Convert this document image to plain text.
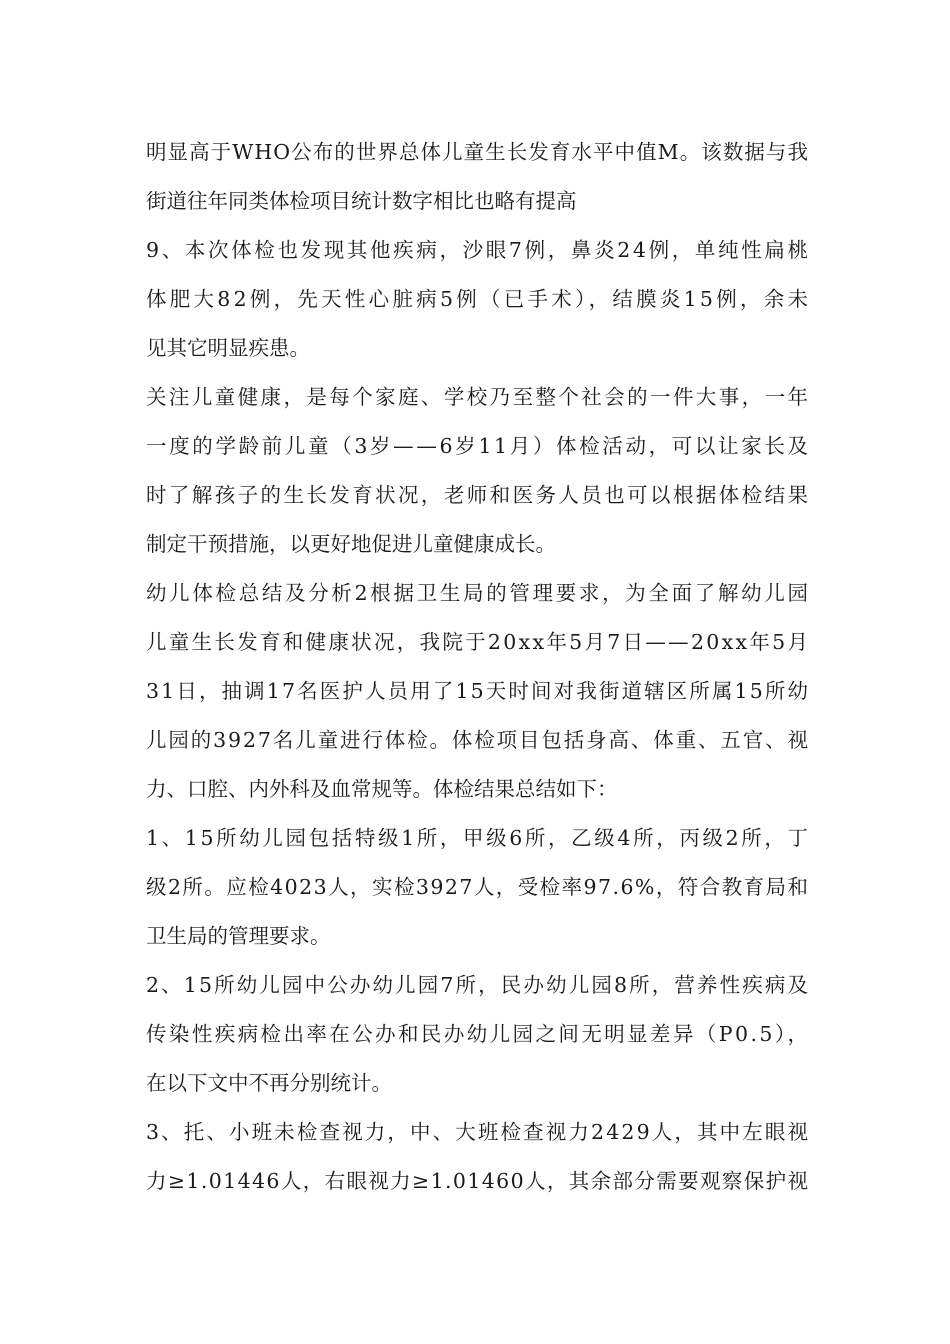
明显高于WHO公布的世界总体儿童生长发育水平中值M。该数据与我
街道往年同类体检项目统计数字相比也略有提高
9、本次体检也发现其他疾病，沙眼7例，鼻炎24例，单纯性扁桃
体肥大82例，先天性心脏病5例（已手术），结膜炎15例，余未
见其它明显疾患。
关注儿童健康，是每个家庭、学校乃至整个社会的一件大事，一年
一度的学龄前儿童（3岁——6岁11月）体检活动，可以让家长及
时了解孩子的生长发育状况，老师和医务人员也可以根据体检结果
制定干预措施，以更好地促进儿童健康成长。
幼儿体检总结及分析2根据卫生局的管理要求，为全面了解幼儿园
儿童生长发育和健康状况，我院于20xx年5月7日——20xx年5月
31日，抽调17名医护人员用了15天时间对我街道辖区所属15所幼
儿园的3927名儿童进行体检。体检项目包括身高、体重、五官、视
力、口腔、内外科及血常规等。体检结果总结如下：
1、15所幼儿园包括特级1所，甲级6所，乙级4所，丙级2所，丁
级2所。应检4023人，实检3927人，受检率97.6%，符合教育局和
卫生局的管理要求。
2、15所幼儿园中公办幼儿园7所，民办幼儿园8所，营养性疾病及
传染性疾病检出率在公办和民办幼儿园之间无明显差异（P0.5），
在以下文中不再分别统计。
3、托、小班未检查视力，中、大班检查视力2429人，其中左眼视
力≥1.01446人，右眼视力≥1.01460人，其余部分需要观察保护视
